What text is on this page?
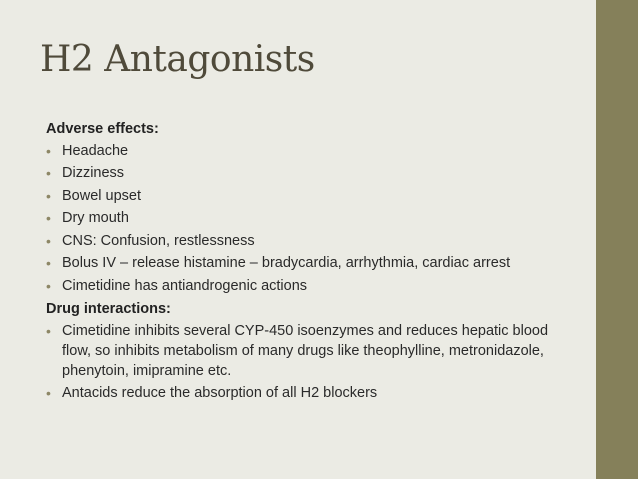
H2 Antagonists
Adverse effects:
• Headache
• Dizziness
• Bowel upset
• Dry mouth
• CNS: Confusion, restlessness
• Bolus IV – release histamine – bradycardia, arrhythmia, cardiac arrest
• Cimetidine has antiandrogenic actions
Drug interactions:
• Cimetidine inhibits several CYP-450 isoenzymes and reduces hepatic blood flow, so inhibits metabolism of many drugs like theophylline, metronidazole, phenytoin, imipramine etc.
• Antacids reduce the absorption of all H2 blockers
